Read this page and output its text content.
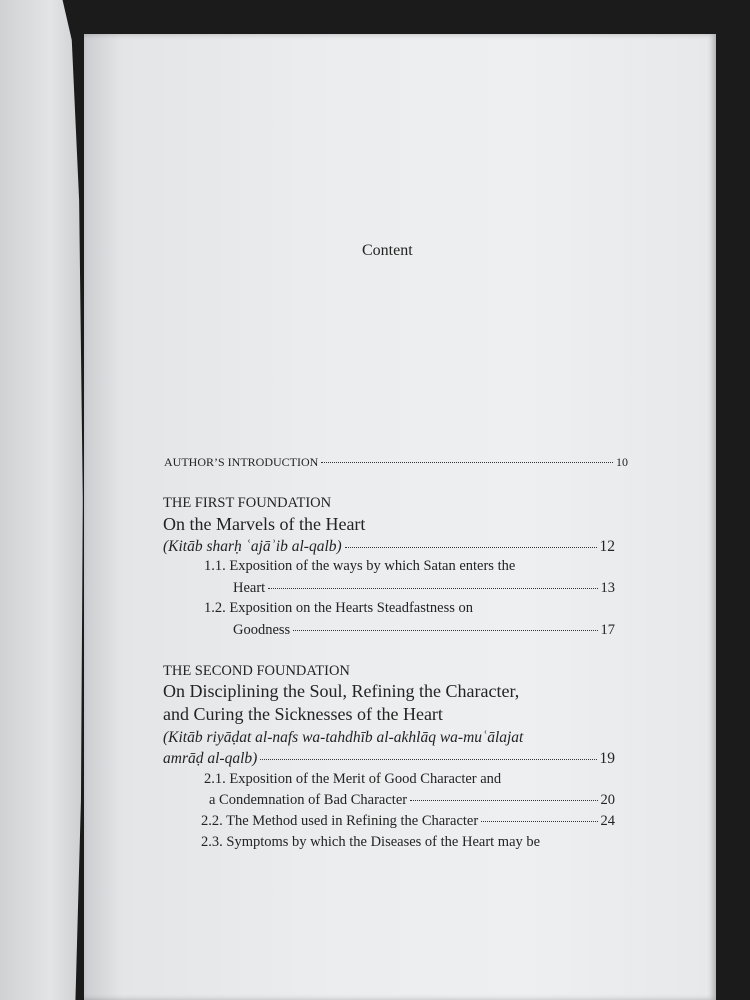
Content
AUTHOR’S INTRODUCTION	10
THE FIRST FOUNDATION
On the Marvels of the Heart
(Kitāb sharḥ ʿajāʾib al-qalb)	12
1.1. Exposition of the ways by which Satan enters the
Heart	13
1.2. Exposition on the Hearts Steadfastness on
Goodness	17
THE SECOND FOUNDATION
On Disciplining the Soul, Refining the Character,
and Curing the Sicknesses of the Heart
(Kitāb riyāḍat al-nafs wa-tahdhīb al-akhlāq wa-muʿālajat
amrāḍ al-qalb)	19
2.1. Exposition of the Merit of Good Character and
a Condemnation of Bad Character	20
2.2. The Method used in Refining the Character	24
2.3. Symptoms by which the Diseases of the Heart may be
